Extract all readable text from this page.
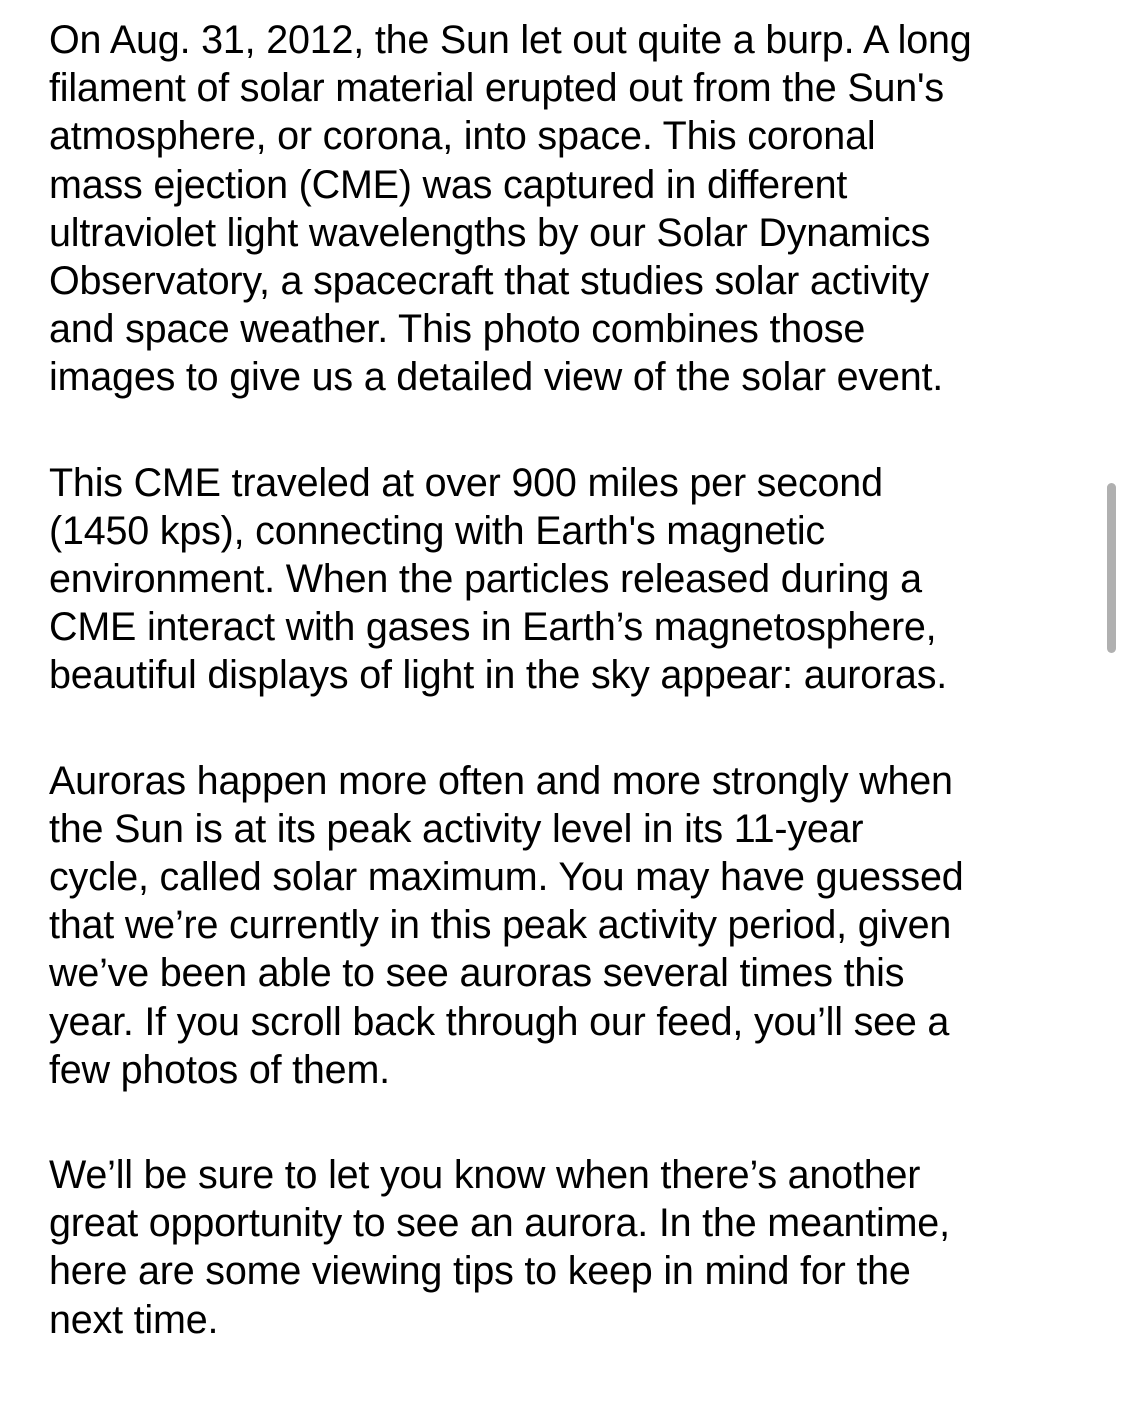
On Aug. 31, 2012, the Sun let out quite a burp. A long
filament of solar material erupted out from the Sun's
atmosphere, or corona, into space. This coronal
mass ejection (CME) was captured in different
ultraviolet light wavelengths by our Solar Dynamics
Observatory, a spacecraft that studies solar activity
and space weather. This photo combines those
images to give us a detailed view of the solar event.

This CME traveled at over 900 miles per second
(1450 kps), connecting with Earth's magnetic
environment. When the particles released during a
CME interact with gases in Earth’s magnetosphere,
beautiful displays of light in the sky appear: auroras.

Auroras happen more often and more strongly when
the Sun is at its peak activity level in its 11-year
cycle, called solar maximum. You may have guessed
that we’re currently in this peak activity period, given
we’ve been able to see auroras several times this
year. If you scroll back through our feed, you’ll see a
few photos of them.

We’ll be sure to let you know when there’s another
great opportunity to see an aurora. In the meantime,
here are some viewing tips to keep in mind for the
next time.
